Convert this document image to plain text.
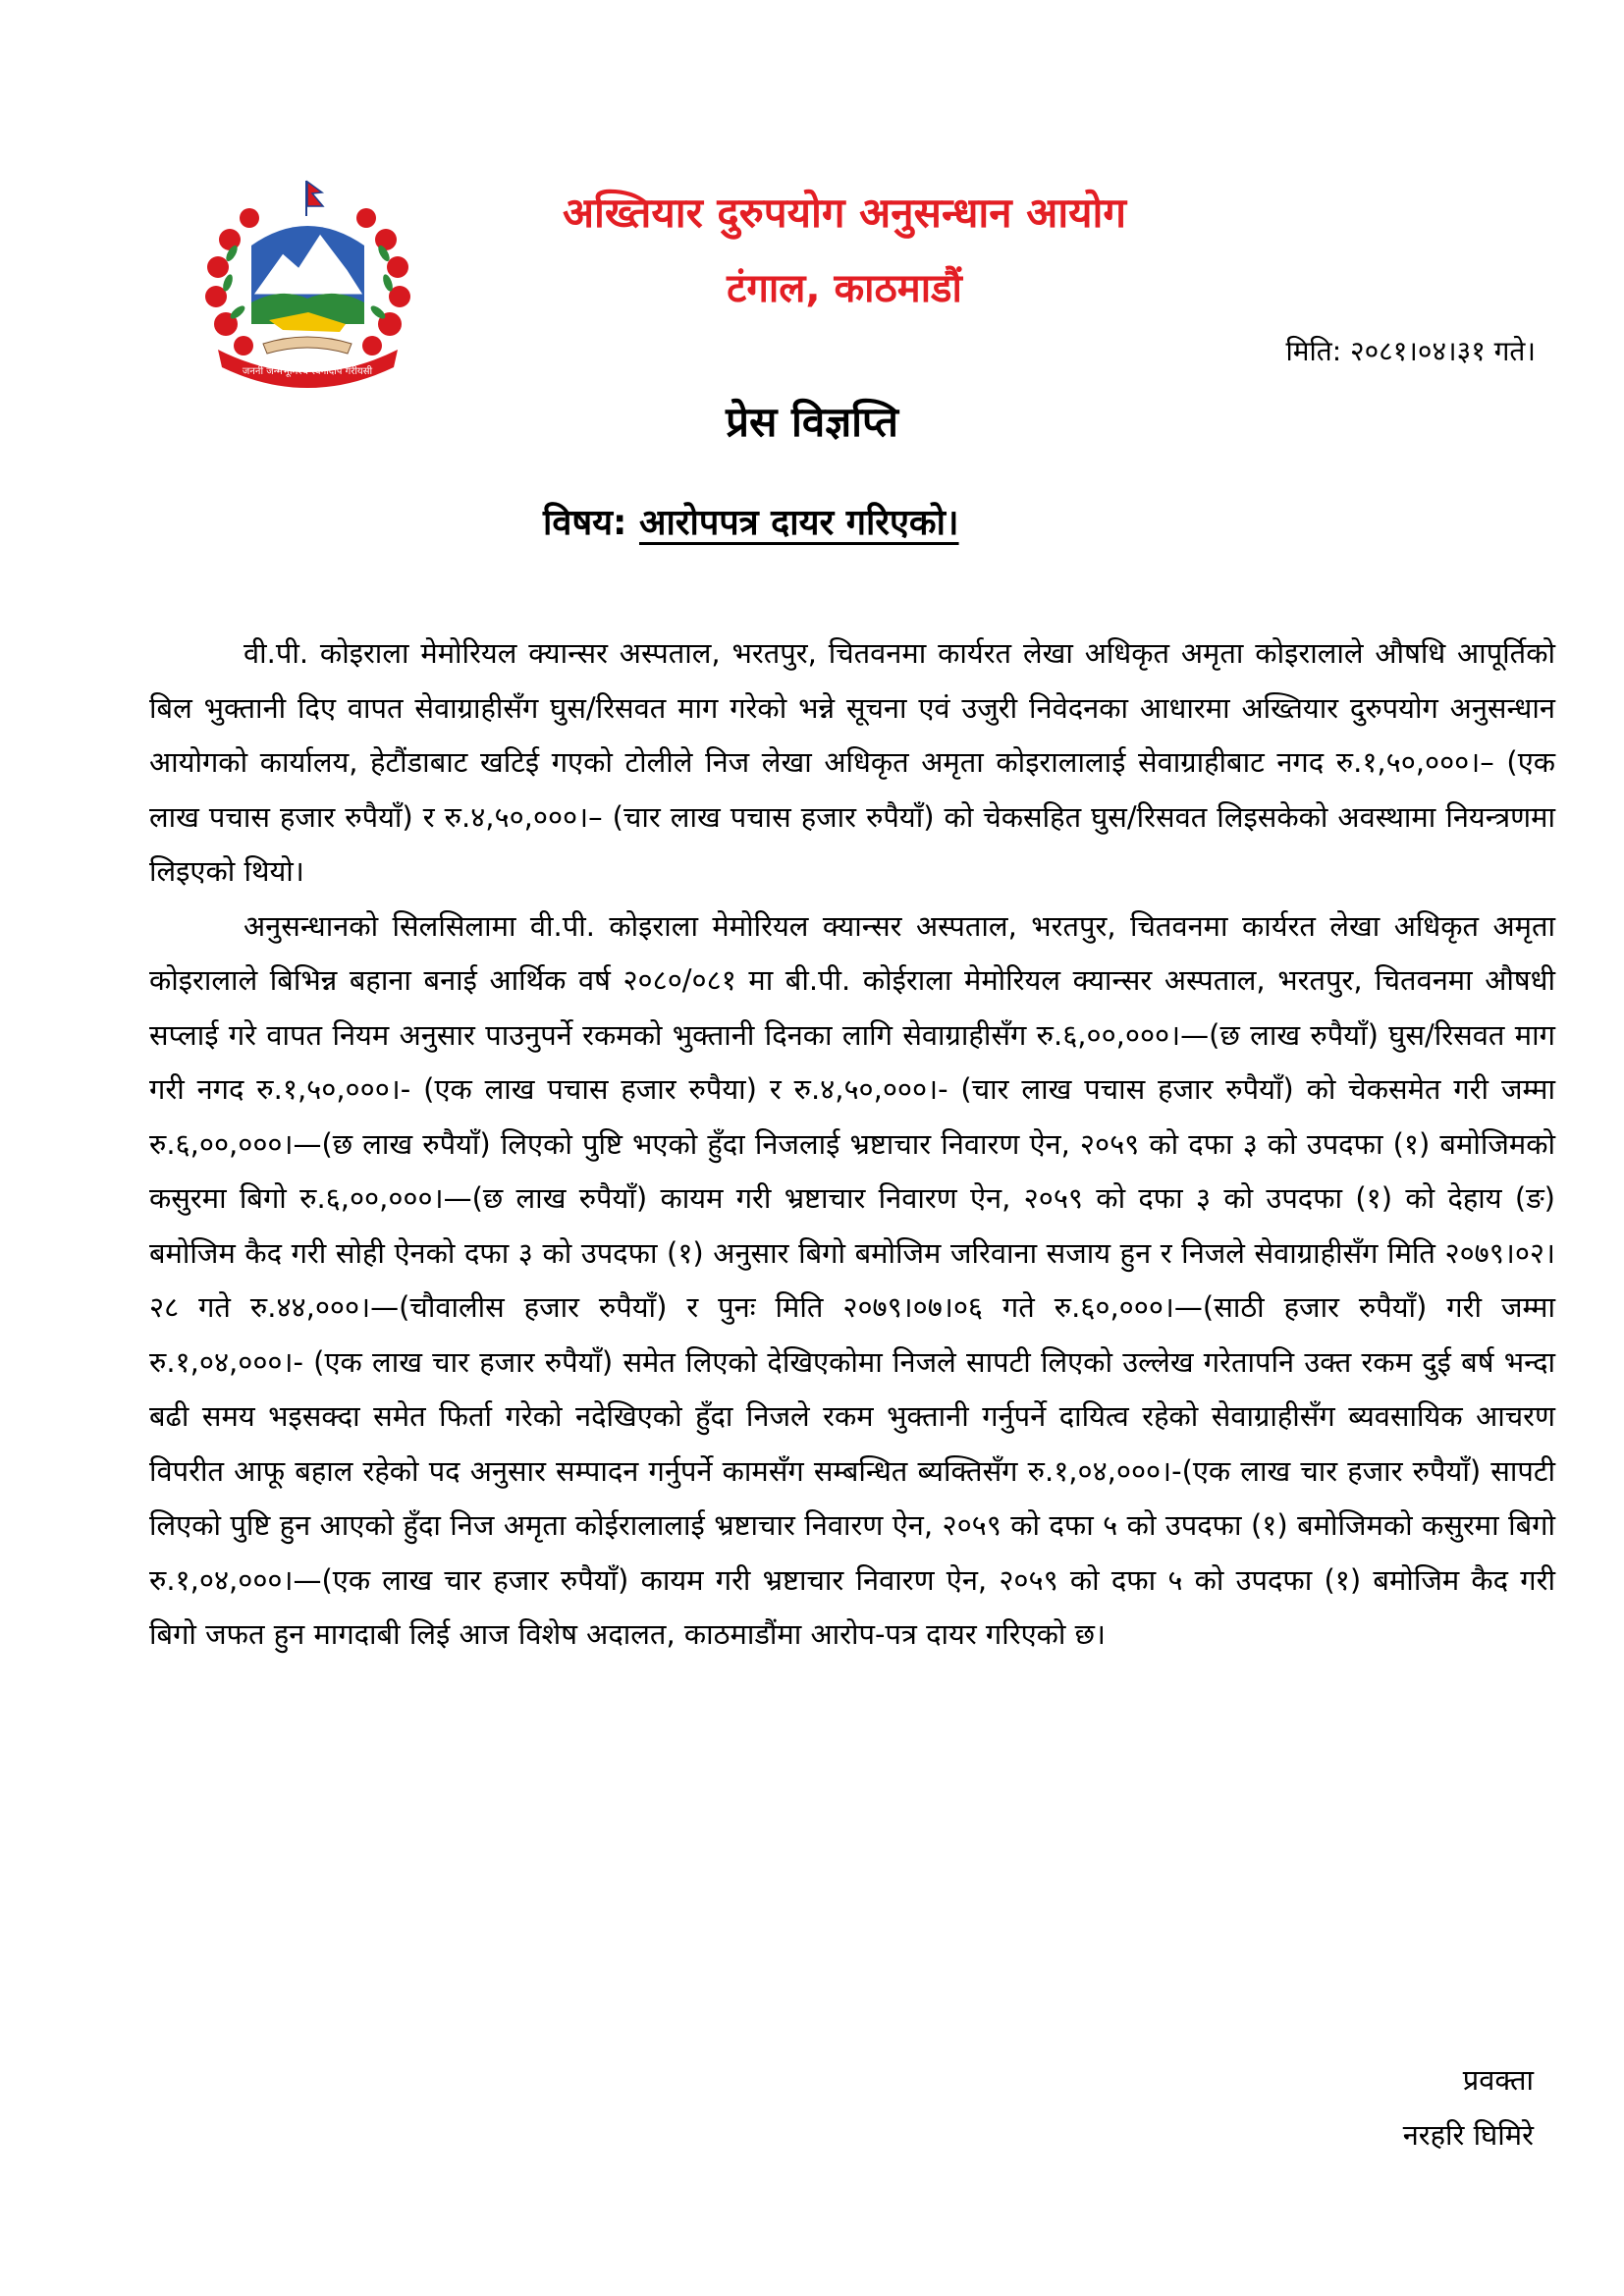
जननी जन्मभूमिश्च स्वर्गादपि गरीयसी
अख्तियार दुरुपयोग अनुसन्धान आयोग
टंगाल, काठमाडौं
मिति: २०८१।०४।३१ गते।
प्रेस विज्ञप्ति
विषय: आरोपपत्र दायर गरिएको।

वी.पी. कोइराला मेमोरियल क्यान्सर अस्पताल, भरतपुर, चितवनमा कार्यरत लेखा अधिकृत अमृता कोइरालाले औषधि आपूर्तिको बिल भुक्तानी दिए वापत सेवाग्राहीसँग घुस/रिसवत माग गरेको भन्ने सूचना एवं उजुरी निवेदनका आधारमा अख्तियार दुरुपयोग अनुसन्धान आयोगको कार्यालय, हेटौंडाबाट खटिई गएको टोलीले निज लेखा अधिकृत अमृता कोइरालालाई सेवाग्राहीबाट नगद रु.१,५०,०००।– (एक लाख पचास हजार रुपैयाँ) र रु.४,५०,०००।– (चार लाख पचास हजार रुपैयाँ) को चेकसहित घुस/रिसवत लिइसकेको अवस्थामा नियन्त्रणमा लिइएको थियो।

अनुसन्धानको सिलसिलामा वी.पी. कोइराला मेमोरियल क्यान्सर अस्पताल, भरतपुर, चितवनमा कार्यरत लेखा अधिकृत अमृता कोइरालाले बिभिन्न बहाना बनाई आर्थिक वर्ष २०८०/०८१ मा बी.पी. कोईराला मेमोरियल क्यान्सर अस्पताल, भरतपुर, चितवनमा औषधी सप्लाई गरे वापत नियम अनुसार पाउनुपर्ने रकमको भुक्तानी दिनका लागि सेवाग्राहीसँग रु.६,००,०००।—(छ लाख रुपैयाँ) घुस/रिसवत माग गरी नगद रु.१,५०,०००।- (एक लाख पचास हजार रुपैया) र रु.४,५०,०००।- (चार लाख पचास हजार रुपैयाँ) को चेकसमेत गरी जम्मा रु.६,००,०००।—(छ लाख रुपैयाँ) लिएको पुष्टि भएको हुँदा निजलाई भ्रष्टाचार निवारण ऐन, २०५९ को दफा ३ को उपदफा (१) बमोजिमको कसुरमा बिगो रु.६,००,०००।—(छ लाख रुपैयाँ) कायम गरी भ्रष्टाचार निवारण ऐन, २०५९ को दफा ३ को उपदफा (१) को देहाय (ङ) बमोजिम कैद गरी सोही ऐनको दफा ३ को उपदफा (१) अनुसार बिगो बमोजिम जरिवाना सजाय हुन र निजले सेवाग्राहीसँग मिति २०७९।०२।२८ गते रु.४४,०००।—(चौवालीस हजार रुपैयाँ) र पुनः मिति २०७९।०७।०६ गते रु.६०,०००।—(साठी हजार रुपैयाँ) गरी जम्मा रु.१,०४,०००।- (एक लाख चार हजार रुपैयाँ) समेत लिएको देखिएकोमा निजले सापटी लिएको उल्लेख गरेतापनि उक्त रकम दुई बर्ष भन्दा बढी समय भइसक्दा समेत फिर्ता गरेको नदेखिएको हुँदा निजले रकम भुक्तानी गर्नुपर्ने दायित्व रहेको सेवाग्राहीसँग ब्यवसायिक आचरण विपरीत आफू बहाल रहेको पद अनुसार सम्पादन गर्नुपर्ने कामसँग सम्बन्धित ब्यक्तिसँग रु.१,०४,०००।-(एक लाख चार हजार रुपैयाँ) सापटी लिएको पुष्टि हुन आएको हुँदा निज अमृता कोईरालालाई भ्रष्टाचार निवारण ऐन, २०५९ को दफा ५ को उपदफा (१) बमोजिमको कसुरमा बिगो रु.१,०४,०००।—(एक लाख चार हजार रुपैयाँ) कायम गरी भ्रष्टाचार निवारण ऐन, २०५९ को दफा ५ को उपदफा (१) बमोजिम कैद गरी बिगो जफत हुन मागदाबी लिई आज विशेष अदालत, काठमाडौंमा आरोप-पत्र दायर गरिएको छ।

प्रवक्ता
नरहरि घिमिरे
